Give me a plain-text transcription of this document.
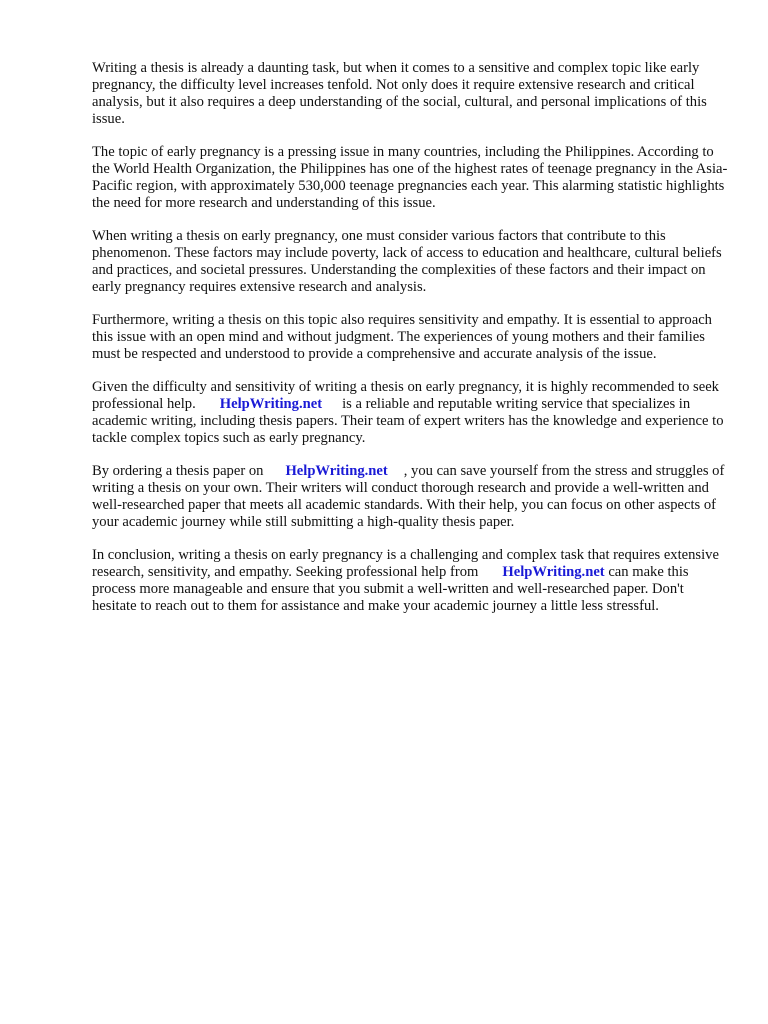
Writing a thesis is already a daunting task, but when it comes to a sensitive and complex topic like early pregnancy, the difficulty level increases tenfold. Not only does it require extensive research and critical analysis, but it also requires a deep understanding of the social, cultural, and personal implications of this issue.

The topic of early pregnancy is a pressing issue in many countries, including the Philippines. According to the World Health Organization, the Philippines has one of the highest rates of teenage pregnancy in the Asia-Pacific region, with approximately 530,000 teenage pregnancies each year. This alarming statistic highlights the need for more research and understanding of this issue.

When writing a thesis on early pregnancy, one must consider various factors that contribute to this phenomenon. These factors may include poverty, lack of access to education and healthcare, cultural beliefs and practices, and societal pressures. Understanding the complexities of these factors and their impact on early pregnancy requires extensive research and analysis.

Furthermore, writing a thesis on this topic also requires sensitivity and empathy. It is essential to approach this issue with an open mind and without judgment. The experiences of young mothers and their families must be respected and understood to provide a comprehensive and accurate analysis of the issue.

Given the difficulty and sensitivity of writing a thesis on early pregnancy, it is highly recommended to seek professional help. HelpWriting.net is a reliable and reputable writing service that specializes in academic writing, including thesis papers. Their team of expert writers has the knowledge and experience to tackle complex topics such as early pregnancy.

By ordering a thesis paper on HelpWriting.net , you can save yourself from the stress and struggles of writing a thesis on your own. Their writers will conduct thorough research and provide a well-written and well-researched paper that meets all academic standards. With their help, you can focus on other aspects of your academic journey while still submitting a high-quality thesis paper.

In conclusion, writing a thesis on early pregnancy is a challenging and complex task that requires extensive research, sensitivity, and empathy. Seeking professional help from HelpWriting.net can make this process more manageable and ensure that you submit a well-written and well-researched paper. Don't hesitate to reach out to them for assistance and make your academic journey a little less stressful.
